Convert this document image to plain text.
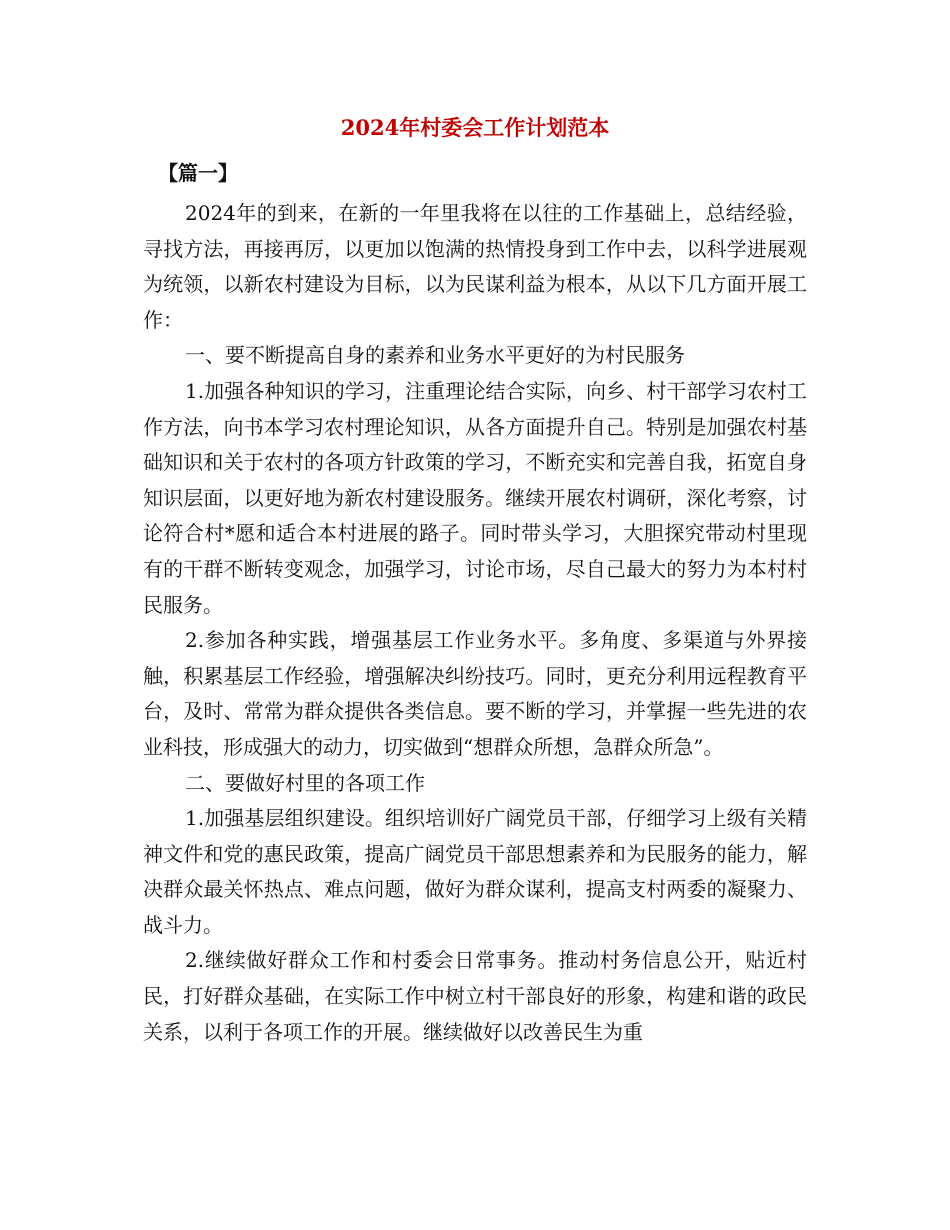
2024年村委会工作计划范本
【篇一】

2024年的到来，在新的一年里我将在以往的工作基础上，总结经验，寻找方法，再接再厉，以更加以饱满的热情投身到工作中去，以科学进展观为统领，以新农村建设为目标，以为民谋利益为根本，从以下几方面开展工作：

一、要不断提高自身的素养和业务水平更好的为村民服务

1.加强各种知识的学习，注重理论结合实际，向乡、村干部学习农村工作方法，向书本学习农村理论知识，从各方面提升自己。特别是加强农村基础知识和关于农村的各项方针政策的学习，不断充实和完善自我，拓宽自身知识层面，以更好地为新农村建设服务。继续开展农村调研，深化考察，讨论符合村*愿和适合本村进展的路子。同时带头学习，大胆探究带动村里现有的干群不断转变观念，加强学习，讨论市场，尽自己最大的努力为本村村民服务。

2.参加各种实践，增强基层工作业务水平。多角度、多渠道与外界接触，积累基层工作经验，增强解决纠纷技巧。同时，更充分利用远程教育平台，及时、常常为群众提供各类信息。要不断的学习，并掌握一些先进的农业科技，形成强大的动力，切实做到“想群众所想，急群众所急”。

二、要做好村里的各项工作

1.加强基层组织建设。组织培训好广阔党员干部，仔细学习上级有关精神文件和党的惠民政策，提高广阔党员干部思想素养和为民服务的能力，解决群众最关怀热点、难点问题，做好为群众谋利，提高支村两委的凝聚力、战斗力。

2.继续做好群众工作和村委会日常事务。推动村务信息公开，贴近村民，打好群众基础，在实际工作中树立村干部良好的形象，构建和谐的政民关系，以利于各项工作的开展。继续做好以改善民生为重
